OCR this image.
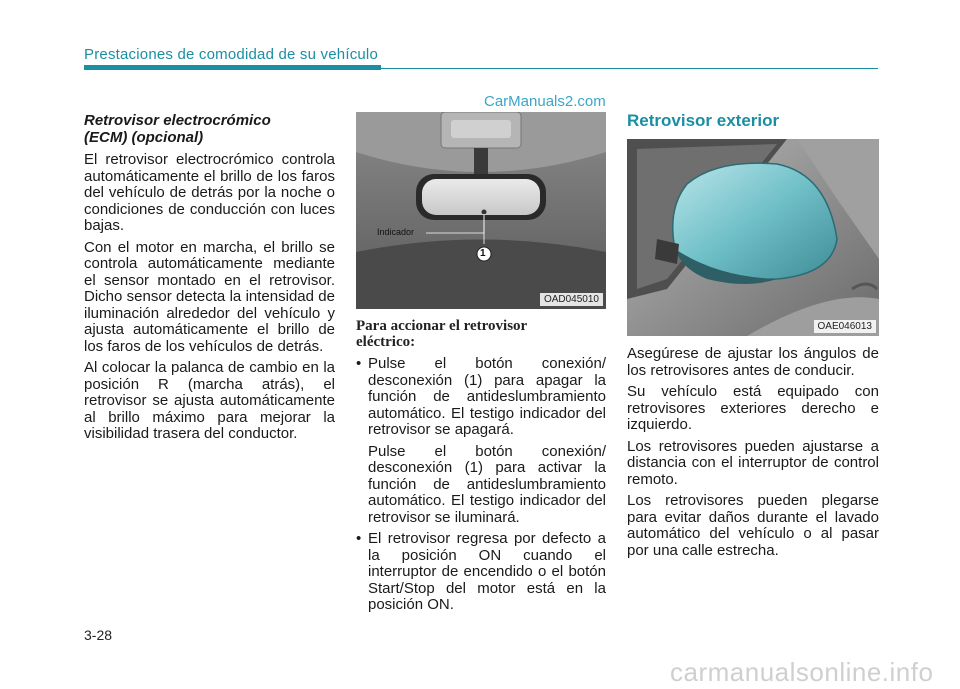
Prestaciones de comodidad de su vehículo
CarManuals2.com
Retrovisor electrocrómico
(ECM) (opcional)

El retrovisor electrocrómico controla automáticamente el brillo de los faros del vehículo de detrás por la noche o condiciones de conducción con luces bajas.

Con el motor en marcha, el brillo se controla automáticamente mediante el sensor montado en el retrovisor. Dicho sensor detecta la intensidad de iluminación alrededor del vehículo y ajusta automáticamente el brillo de los faros de los vehículos de detrás.

Al colocar la palanca de cambio en la posición R (marcha atrás), el retrovisor se ajusta automáticamente al brillo máximo para mejorar la visibilidad trasera del conductor.

Indicador
1
OAD045010
Para accionar el retrovisor
eléctrico:
• Pulse el botón conexión/ desconexión (1) para apagar la función de antideslumbramiento automático. El testigo indicador del retrovisor se apagará.
Pulse el botón conexión/ desconexión (1) para activar la función de antideslumbramiento automático. El testigo indicador del retrovisor se iluminará.
• El retrovisor regresa por defecto a la posición ON cuando el interruptor de encendido o el botón Start/Stop del motor está en la posición ON.
Retrovisor exterior
OAE046013

Asegúrese de ajustar los ángulos de los retrovisores antes de conducir.

Su vehículo está equipado con retrovisores exteriores derecho e izquierdo.

Los retrovisores pueden ajustarse a distancia con el interruptor de control remoto.

Los retrovisores pueden plegarse para evitar daños durante el lavado automático del vehículo o al pasar por una calle estrecha.

3-28
carmanualsonline.info
